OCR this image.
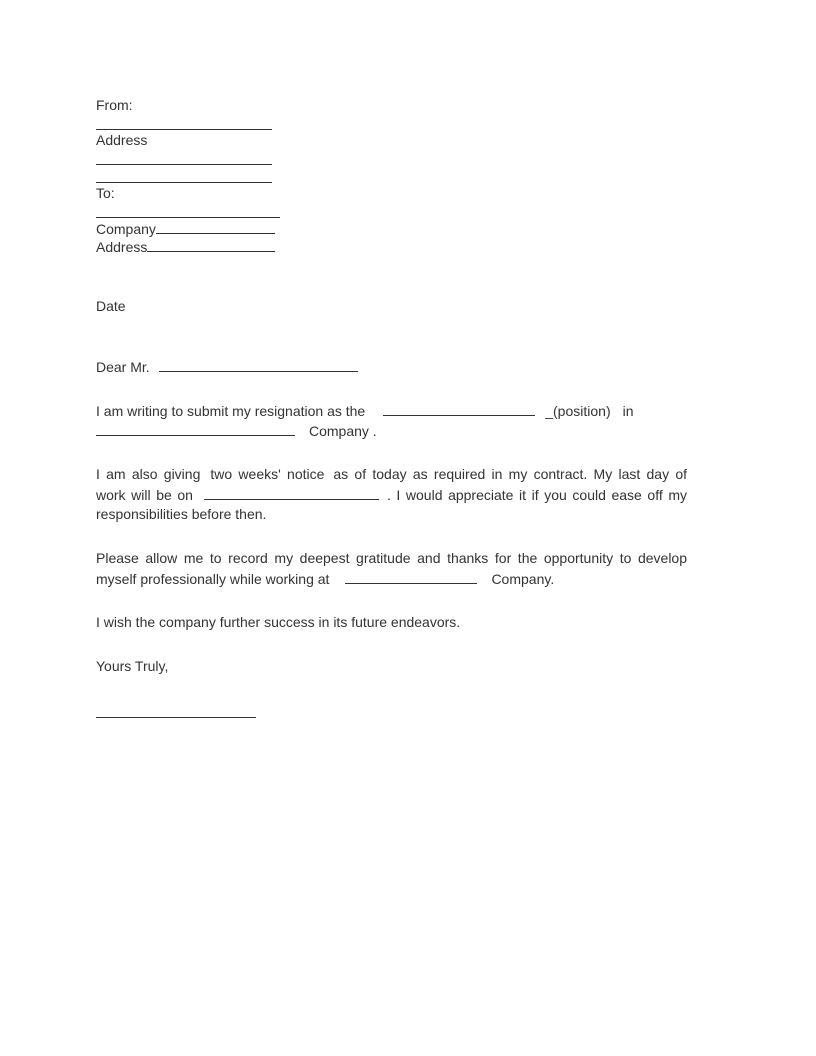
From:
Address
To:
Company
Address
Date
Dear Mr.
I am writing to submit my resignation as the	_(position) in
Company .
I am also giving two weeks' notice as of today as required in my contract. My last day of
work will be on	. I would appreciate it if you could ease off my
responsibilities before then.
Please allow me to record my deepest gratitude and thanks for the opportunity to develop
myself professionally while working at	Company.
I wish the company further success in its future endeavors.
Yours Truly,
